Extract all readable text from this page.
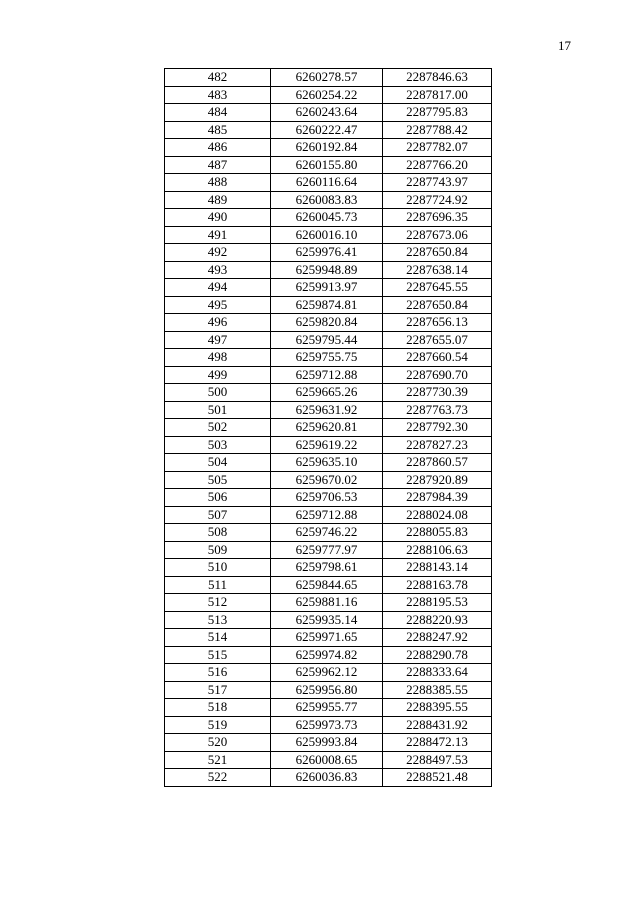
17
482	6260278.57	2287846.63
483	6260254.22	2287817.00
484	6260243.64	2287795.83
485	6260222.47	2287788.42
486	6260192.84	2287782.07
487	6260155.80	2287766.20
488	6260116.64	2287743.97
489	6260083.83	2287724.92
490	6260045.73	2287696.35
491	6260016.10	2287673.06
492	6259976.41	2287650.84
493	6259948.89	2287638.14
494	6259913.97	2287645.55
495	6259874.81	2287650.84
496	6259820.84	2287656.13
497	6259795.44	2287655.07
498	6259755.75	2287660.54
499	6259712.88	2287690.70
500	6259665.26	2287730.39
501	6259631.92	2287763.73
502	6259620.81	2287792.30
503	6259619.22	2287827.23
504	6259635.10	2287860.57
505	6259670.02	2287920.89
506	6259706.53	2287984.39
507	6259712.88	2288024.08
508	6259746.22	2288055.83
509	6259777.97	2288106.63
510	6259798.61	2288143.14
511	6259844.65	2288163.78
512	6259881.16	2288195.53
513	6259935.14	2288220.93
514	6259971.65	2288247.92
515	6259974.82	2288290.78
516	6259962.12	2288333.64
517	6259956.80	2288385.55
518	6259955.77	2288395.55
519	6259973.73	2288431.92
520	6259993.84	2288472.13
521	6260008.65	2288497.53
522	6260036.83	2288521.48
